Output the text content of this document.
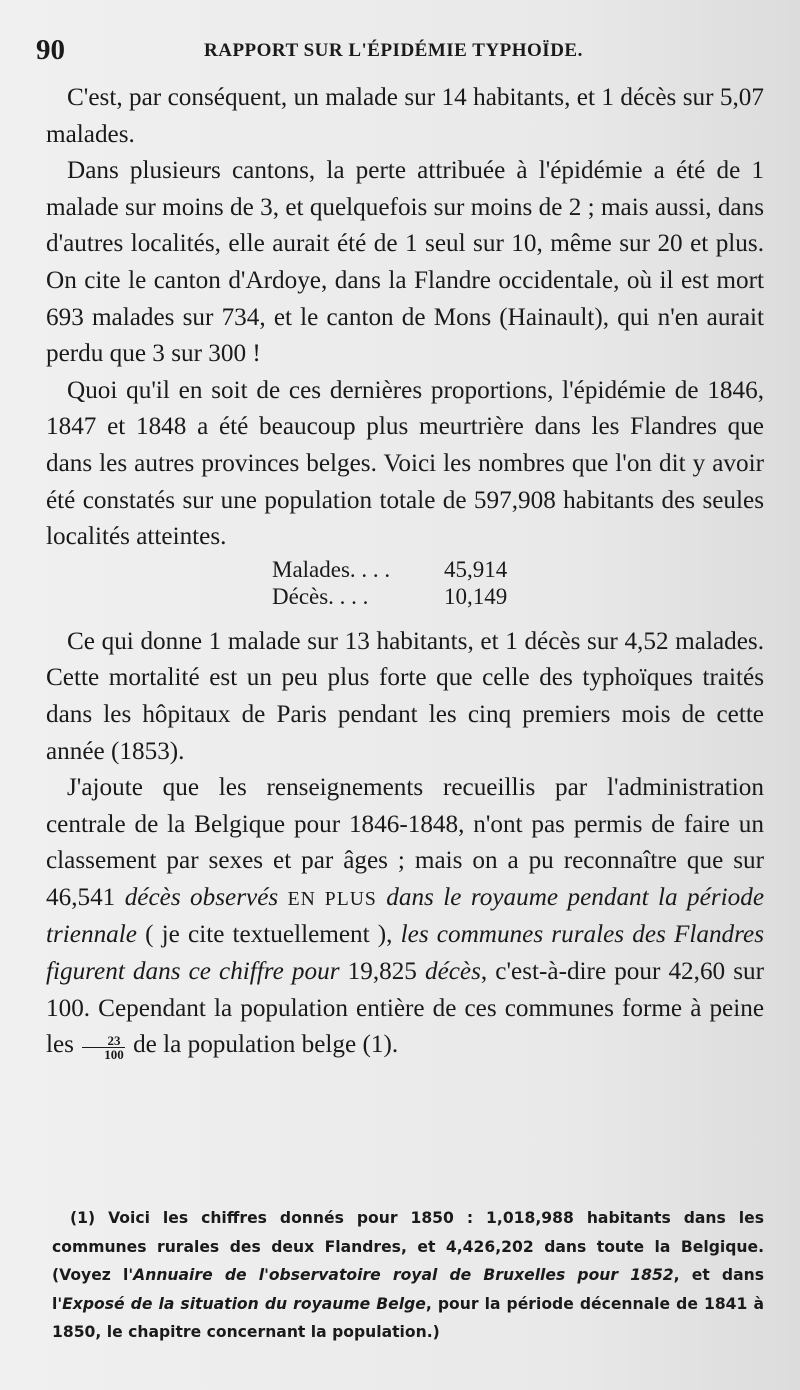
90	RAPPORT SUR L'ÉPIDÉMIE TYPHOÏDE.

C'est, par conséquent, un malade sur 14 habitants, et 1 décès sur 5,07 malades.

Dans plusieurs cantons, la perte attribuée à l'épidémie a été de 1 malade sur moins de 3, et quelquefois sur moins de 2 ; mais aussi, dans d'autres localités, elle aurait été de 1 seul sur 10, même sur 20 et plus. On cite le canton d'Ardoye, dans la Flandre occidentale, où il est mort 693 malades sur 734, et le canton de Mons (Hainault), qui n'en aurait perdu que 3 sur 300 !

Quoi qu'il en soit de ces dernières proportions, l'épidémie de 1846, 1847 et 1848 a été beaucoup plus meurtrière dans les Flandres que dans les autres provinces belges. Voici les nombres que l'on dit y avoir été constatés sur une population totale de 597,908 habitants des seules localités atteintes.

Malades. . . .	45,914
Décès. . . .	10,149

Ce qui donne 1 malade sur 13 habitants, et 1 décès sur 4,52 malades. Cette mortalité est un peu plus forte que celle des typhoïques traités dans les hôpitaux de Paris pendant les cinq premiers mois de cette année (1853).

J'ajoute que les renseignements recueillis par l'administration centrale de la Belgique pour 1846-1848, n'ont pas permis de faire un classement par sexes et par âges ; mais on a pu reconnaître que sur 46,541 décès observés EN PLUS dans le royaume pendant la période triennale ( je cite textuellement ), les communes rurales des Flandres figurent dans ce chiffre pour 19,825 décès, c'est-à-dire pour 42,60 sur 100. Cependant la population entière de ces communes forme à peine les $\frac{23}{100}$ de la population belge (1).

(1) Voici les chiffres donnés pour 1850 : 1,018,988 habitants dans les communes rurales des deux Flandres, et 4,426,202 dans toute la Belgique. (Voyez l'Annuaire de l'observatoire royal de Bruxelles pour 1852, et dans l'Exposé de la situation du royaume Belge, pour la période décennale de 1841 à 1850, le chapitre concernant la population.)
